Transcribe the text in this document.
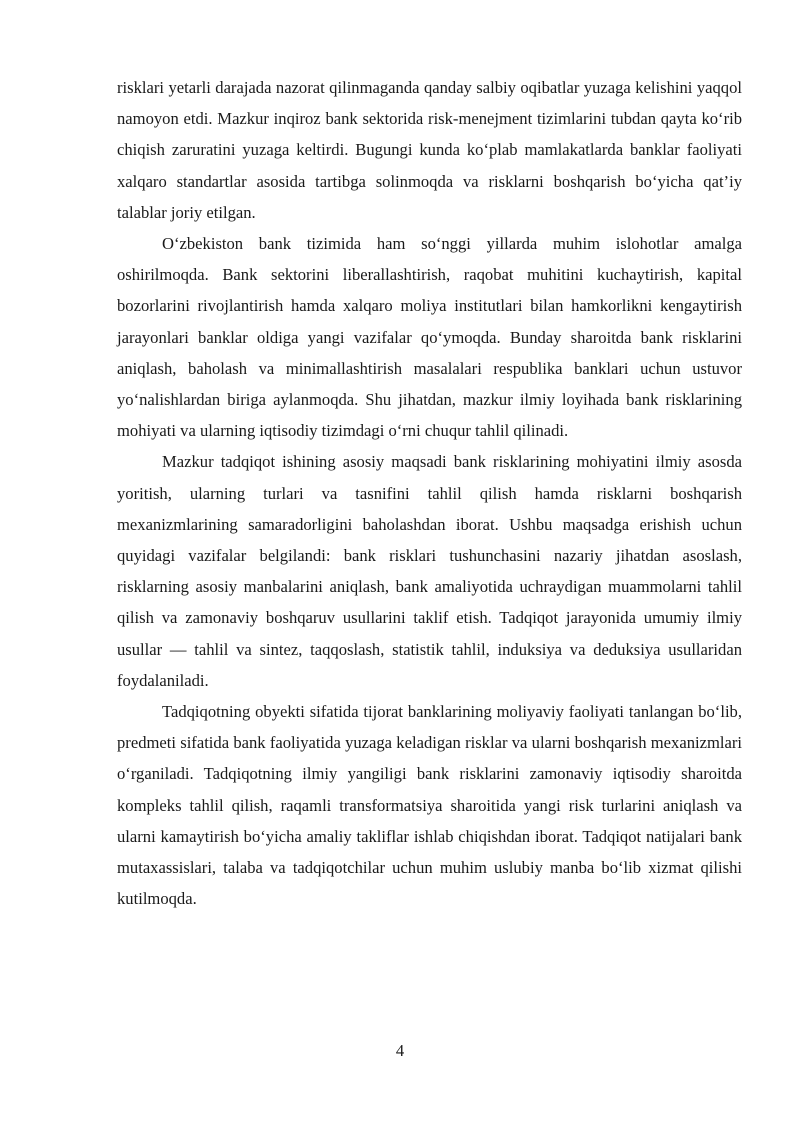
risklari yetarli darajada nazorat qilinmaganda qanday salbiy oqibatlar yuzaga kelishini yaqqol namoyon etdi. Mazkur inqiroz bank sektorida risk-menejment tizimlarini tubdan qayta ko‘rib chiqish zaruratini yuzaga keltirdi. Bugungi kunda ko‘plab mamlakatlarda banklar faoliyati xalqaro standartlar asosida tartibga solinmoqda va risklarni boshqarish bo‘yicha qat’iy talablar joriy etilgan.

O‘zbekiston bank tizimida ham so‘nggi yillarda muhim islohotlar amalga oshirilmoqda. Bank sektorini liberallashtirish, raqobat muhitini kuchaytirish, kapital bozorlarini rivojlantirish hamda xalqaro moliya institutlari bilan hamkorlikni kengaytirish jarayonlari banklar oldiga yangi vazifalar qo‘ymoqda. Bunday sharoitda bank risklarini aniqlash, baholash va minimallashtirish masalalari respublika banklari uchun ustuvor yo‘nalishlardan biriga aylanmoqda. Shu jihatdan, mazkur ilmiy loyihada bank risklarining mohiyati va ularning iqtisodiy tizimdagi o‘rni chuqur tahlil qilinadi.

Mazkur tadqiqot ishining asosiy maqsadi bank risklarining mohiyatini ilmiy asosda yoritish, ularning turlari va tasnifini tahlil qilish hamda risklarni boshqarish mexanizmlarining samaradorligini baholashdan iborat. Ushbu maqsadga erishish uchun quyidagi vazifalar belgilandi: bank risklari tushunchasini nazariy jihatdan asoslash, risklarning asosiy manbalarini aniqlash, bank amaliyotida uchraydigan muammolarni tahlil qilish va zamonaviy boshqaruv usullarini taklif etish. Tadqiqot jarayonida umumiy ilmiy usullar — tahlil va sintez, taqqoslash, statistik tahlil, induksiya va deduksiya usullaridan foydalaniladi.

Tadqiqotning obyekti sifatida tijorat banklarining moliyaviy faoliyati tanlangan bo‘lib, predmeti sifatida bank faoliyatida yuzaga keladigan risklar va ularni boshqarish mexanizmlari o‘rganiladi. Tadqiqotning ilmiy yangiligi bank risklarini zamonaviy iqtisodiy sharoitda kompleks tahlil qilish, raqamli transformatsiya sharoitida yangi risk turlarini aniqlash va ularni kamaytirish bo‘yicha amaliy takliflar ishlab chiqishdan iborat. Tadqiqot natijalari bank mutaxassislari, talaba va tadqiqotchilar uchun muhim uslubiy manba bo‘lib xizmat qilishi kutilmoqda.

4
